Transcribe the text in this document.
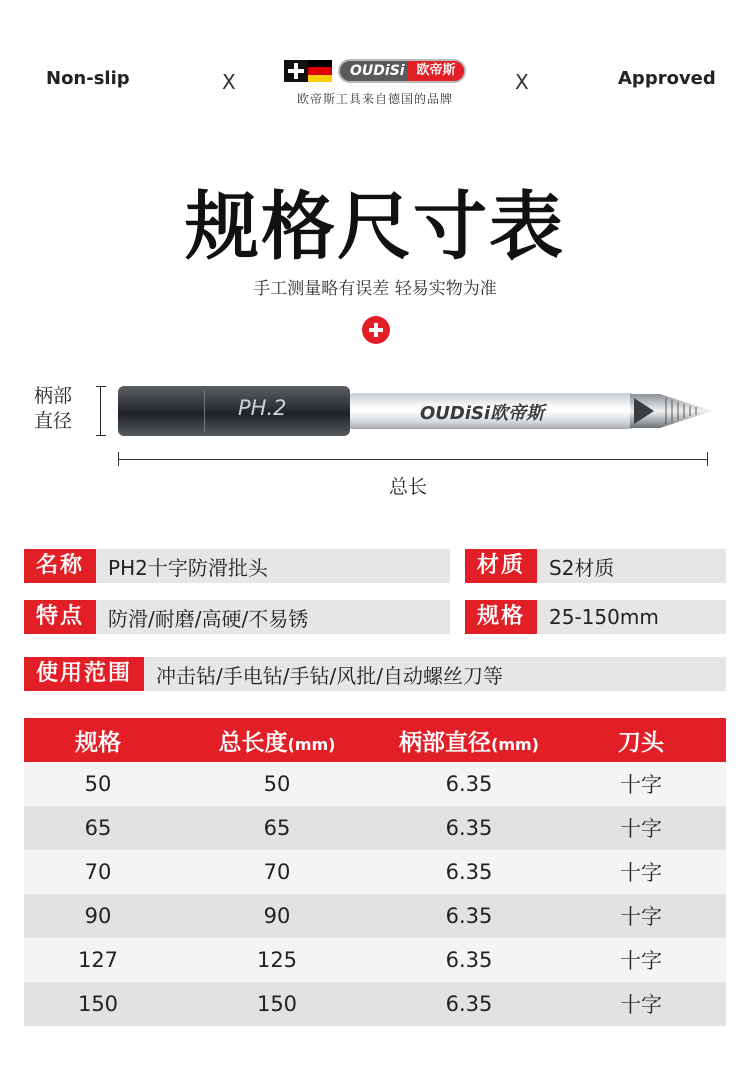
Non-slip	X	OUDiSi 欧帝斯
欧帝斯工具来自德国的品牌
X	Approved
规格尺寸表
手工测量略有误差 轻易实物为准
柄部直径
PH.2	OUDiSi欧帝斯
总长
名称	PH2十字防滑批头	材质	S2材质
特点	防滑/耐磨/高硬/不易锈	规格	25-150mm
使用范围	冲击钻/手电钻/手钻/风批/自动螺丝刀等
规格	总长度(mm)	柄部直径(mm)	刀头
50	50	6.35	十字
65	65	6.35	十字
70	70	6.35	十字
90	90	6.35	十字
127	125	6.35	十字
150	150	6.35	十字
